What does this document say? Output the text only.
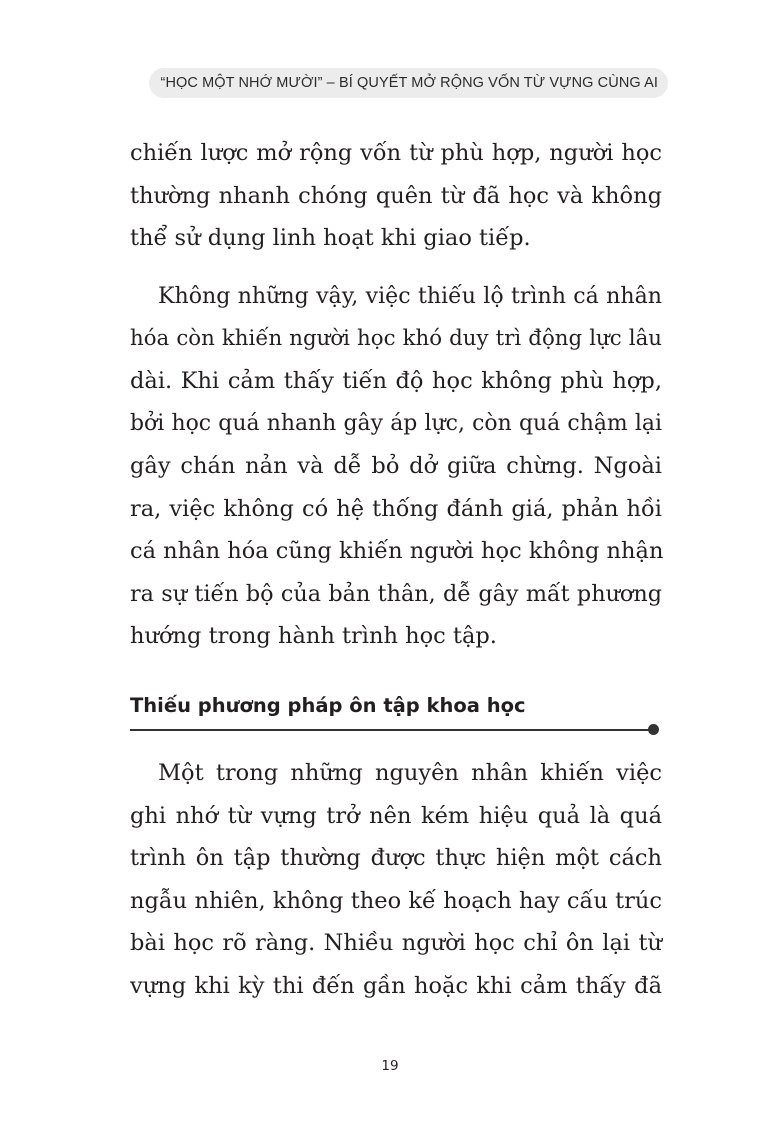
“HỌC MỘT NHỚ MƯỜI” – BÍ QUYẾT MỞ RỘNG VỐN TỪ VỰNG CÙNG AI

chiến lược mở rộng vốn từ phù hợp, người học
thường nhanh chóng quên từ đã học và không
thể sử dụng linh hoạt khi giao tiếp.

Không những vậy, việc thiếu lộ trình cá nhân
hóa còn khiến người học khó duy trì động lực lâu
dài. Khi cảm thấy tiến độ học không phù hợp,
bởi học quá nhanh gây áp lực, còn quá chậm lại
gây chán nản và dễ bỏ dở giữa chừng. Ngoài
ra, việc không có hệ thống đánh giá, phản hồi
cá nhân hóa cũng khiến người học không nhận
ra sự tiến bộ của bản thân, dễ gây mất phương
hướng trong hành trình học tập.

Thiếu phương pháp ôn tập khoa học

Một trong những nguyên nhân khiến việc
ghi nhớ từ vựng trở nên kém hiệu quả là quá
trình ôn tập thường được thực hiện một cách
ngẫu nhiên, không theo kế hoạch hay cấu trúc
bài học rõ ràng. Nhiều người học chỉ ôn lại từ
vựng khi kỳ thi đến gần hoặc khi cảm thấy đã

19
